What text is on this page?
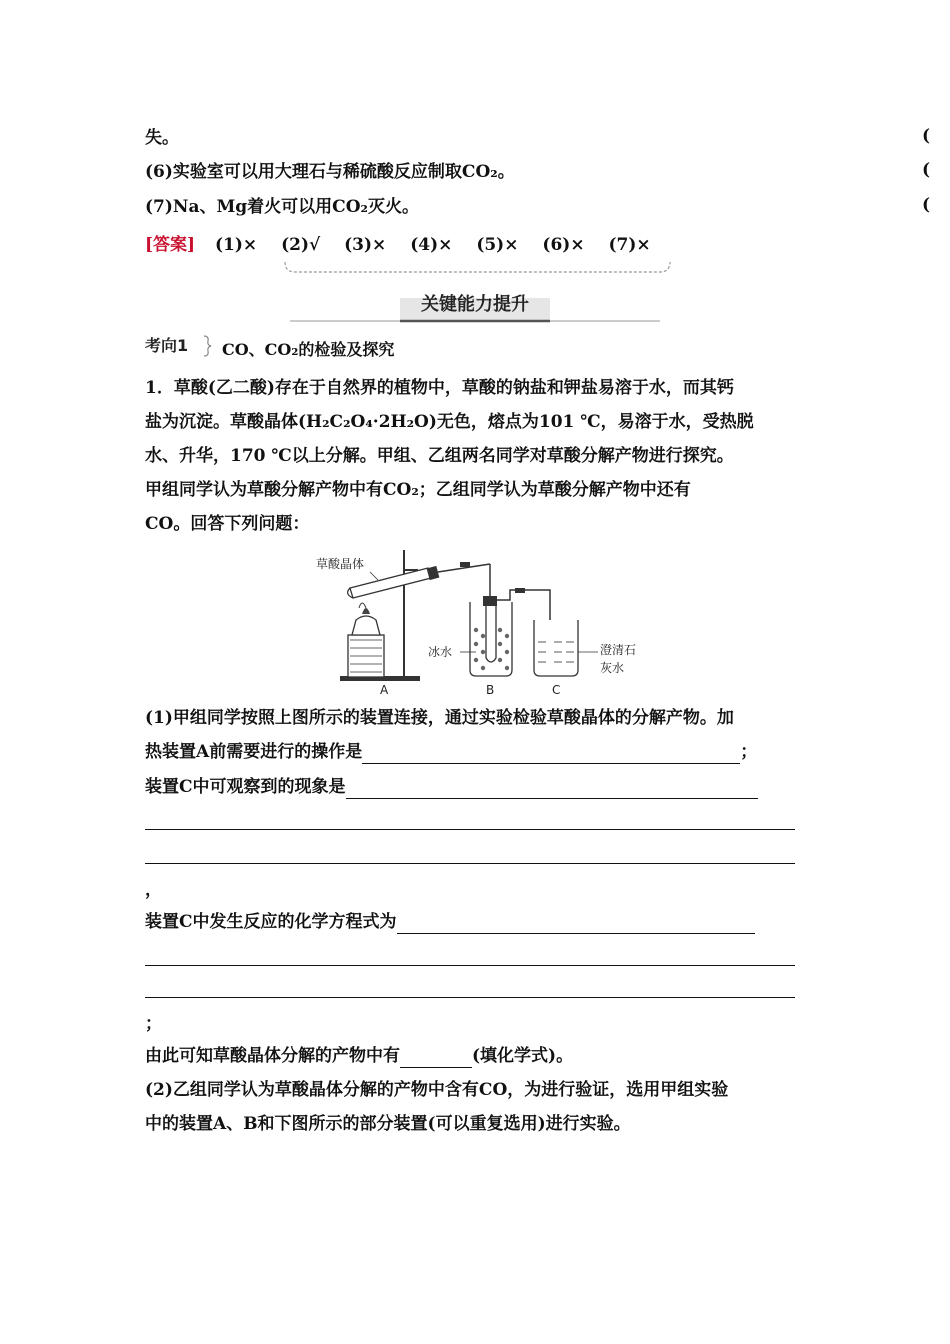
失。	(
(6)实验室可以用大理石与稀硫酸反应制取CO₂。	(
(7)Na、Mg着火可以用CO₂灭火。	(
[答案] (1)× (2)√ (3)× (4)× (5)× (6)× (7)×
关键能力提升
考向1 CO、CO₂的检验及探究
1．草酸(乙二酸)存在于自然界的植物中，草酸的钠盐和钾盐易溶于水，而其钙
盐为沉淀。草酸晶体(H₂C₂O₄·2H₂O)无色，熔点为101 ℃，易溶于水，受热脱
水、升华，170 ℃以上分解。甲组、乙组两名同学对草酸分解产物进行探究。
甲组同学认为草酸分解产物中有CO₂；乙组同学认为草酸分解产物中还有
CO。回答下列问题：
草酸晶体
冰水	澄清石
灰水
A	B	C
(1)甲组同学按照上图所示的装置连接，通过实验检验草酸晶体的分解产物。加
热装置A前需要进行的操作是	；
装置C中可观察到的现象是
，
装置C中发生反应的化学方程式为
；
由此可知草酸晶体分解的产物中有	(填化学式)。
(2)乙组同学认为草酸晶体分解的产物中含有CO，为进行验证，选用甲组实验
中的装置A、B和下图所示的部分装置(可以重复选用)进行实验。
